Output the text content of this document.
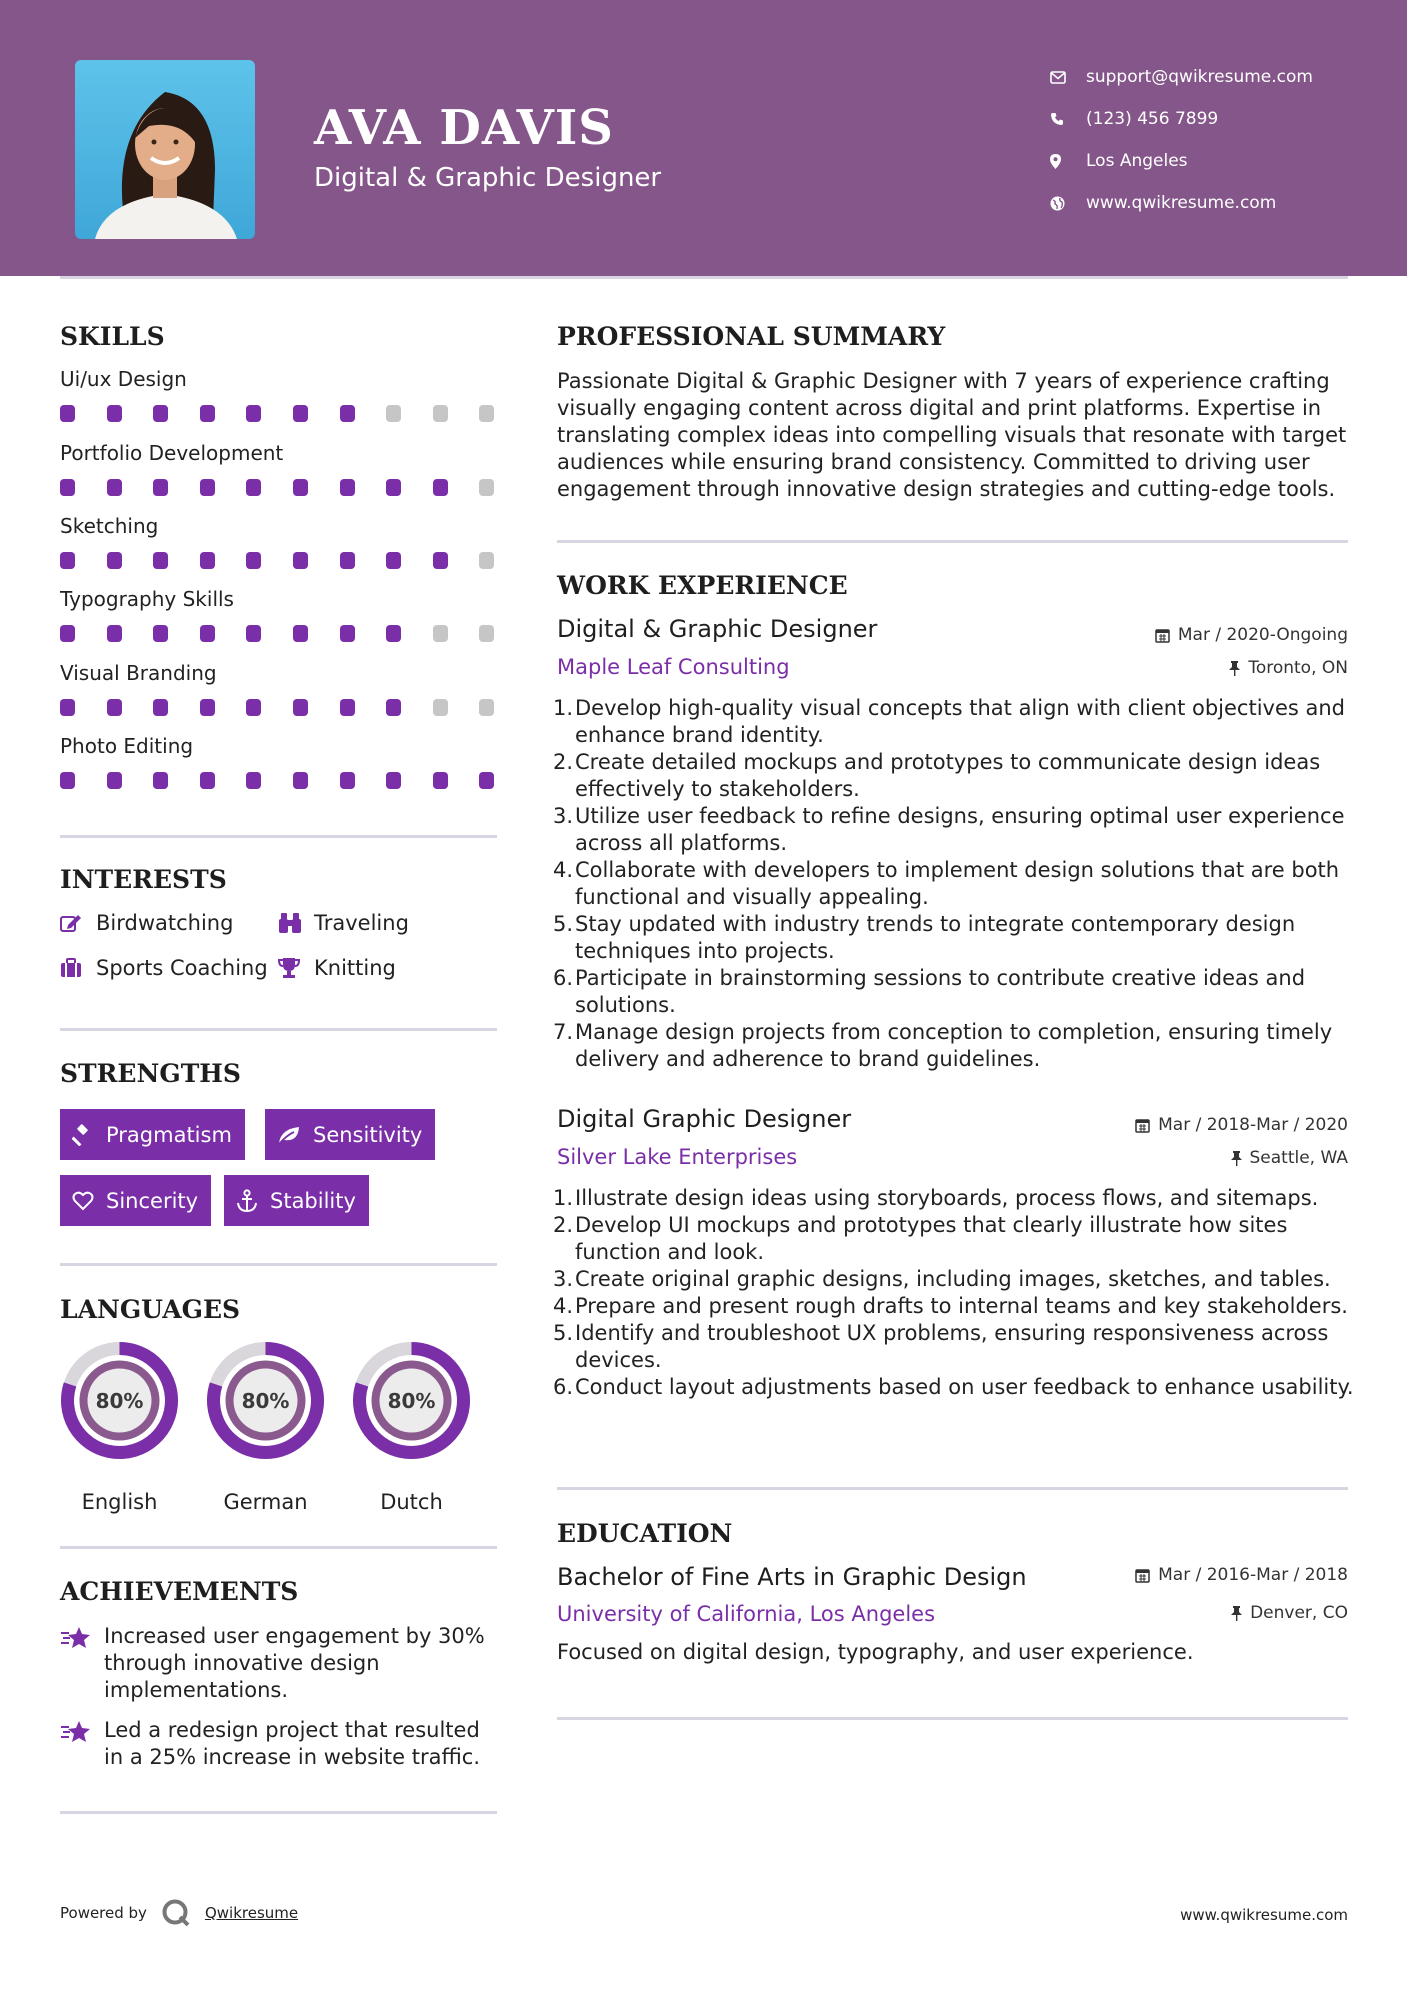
AVA DAVIS
Digital & Graphic Designer
support@qwikresume.com
(123) 456 7899
Los Angeles
www.qwikresume.com
SKILLS
Ui/ux Design
Portfolio Development
Sketching
Typography Skills
Visual Branding
Photo Editing
INTERESTS
Birdwatching	Traveling
Sports Coaching Knitting
STRENGTHS
Pragmatism	Sensitivity
Sincerity	Stability
LANGUAGES
80%
English
80%
German
80%
Dutch
ACHIEVEMENTS
Increased user engagement by 30% through innovative design implementations.
Led a redesign project that resulted in a 25% increase in website traffic.
PROFESSIONAL SUMMARY
Passionate Digital & Graphic Designer with 7 years of experience crafting visually engaging content across digital and print platforms. Expertise in translating complex ideas into compelling visuals that resonate with target audiences while ensuring brand consistency. Committed to driving user engagement through innovative design strategies and cutting-edge tools.
WORK EXPERIENCE
Digital & Graphic Designer	Mar / 2020-Ongoing
Maple Leaf Consulting	Toronto, ON
1. Develop high-quality visual concepts that align with client objectives and enhance brand identity.
2. Create detailed mockups and prototypes to communicate design ideas effectively to stakeholders.
3. Utilize user feedback to refine designs, ensuring optimal user experience across all platforms.
4. Collaborate with developers to implement design solutions that are both functional and visually appealing.
5. Stay updated with industry trends to integrate contemporary design techniques into projects.
6. Participate in brainstorming sessions to contribute creative ideas and solutions.
7. Manage design projects from conception to completion, ensuring timely delivery and adherence to brand guidelines.
Digital Graphic Designer	Mar / 2018-Mar / 2020
Silver Lake Enterprises	Seattle, WA
1. Illustrate design ideas using storyboards, process flows, and sitemaps.
2. Develop UI mockups and prototypes that clearly illustrate how sites function and look.
3. Create original graphic designs, including images, sketches, and tables.
4. Prepare and present rough drafts to internal teams and key stakeholders.
5. Identify and troubleshoot UX problems, ensuring responsiveness across devices.
6. Conduct layout adjustments based on user feedback to enhance usability.
EDUCATION
Bachelor of Fine Arts in Graphic Design	Mar / 2016-Mar / 2018
University of California, Los Angeles	Denver, CO
Focused on digital design, typography, and user experience.
Powered by	Qwikresume	www.qwikresume.com
